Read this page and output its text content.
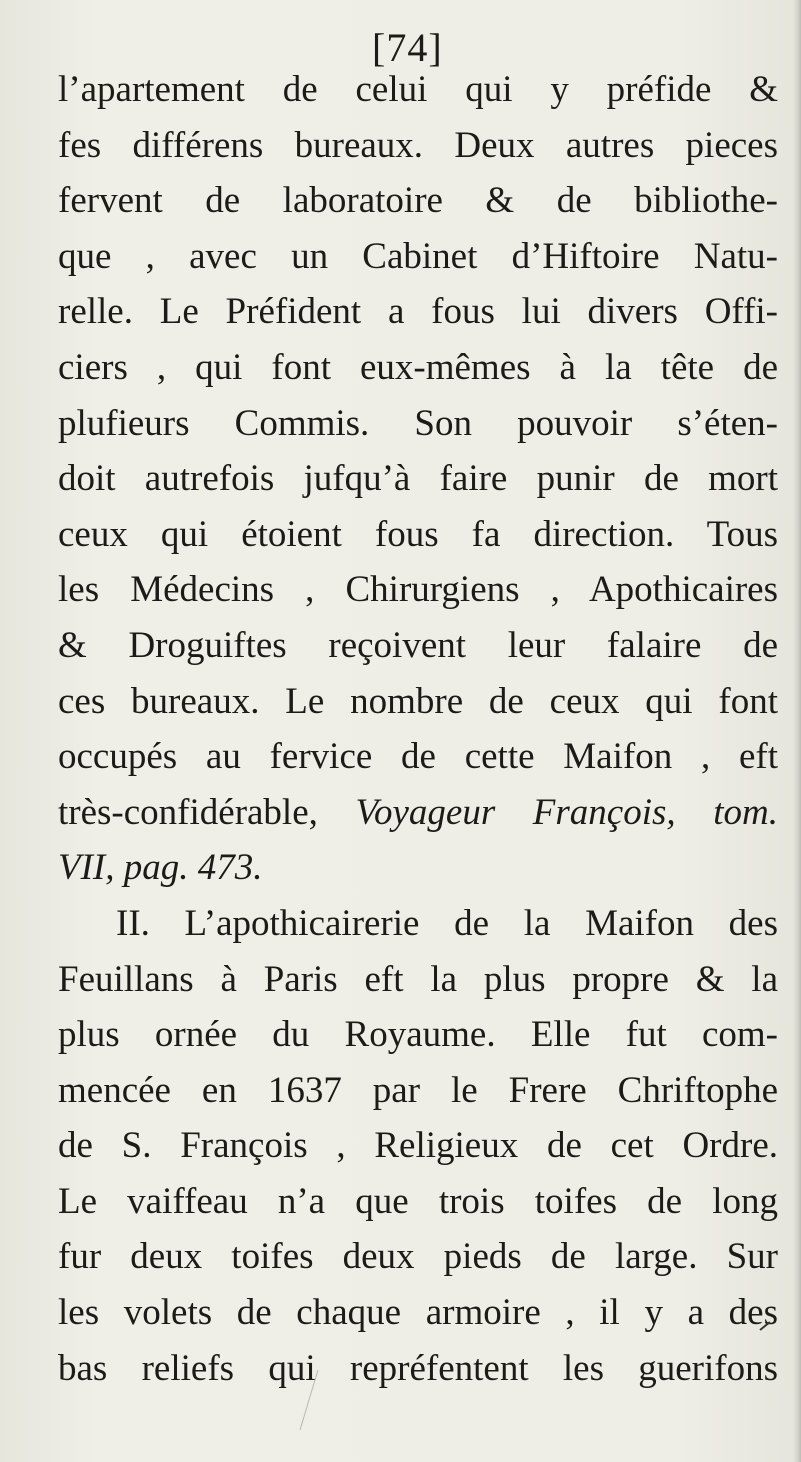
[74]
l’apartement de celui qui y préfide &
fes différens bureaux. Deux autres pieces
fervent de laboratoire & de bibliothe-
que , avec un Cabinet d’Hiftoire Natu-
relle. Le Préfident a fous lui divers Offi-
ciers , qui font eux-mêmes à la tête de
plufieurs Commis. Son pouvoir s’éten-
doit autrefois jufqu’à faire punir de mort
ceux qui étoient fous fa direction. Tous
les Médecins , Chirurgiens , Apothicaires
& Droguiftes reçoivent leur falaire de
ces bureaux. Le nombre de ceux qui font
occupés au fervice de cette Maifon , eft
très-confidérable, Voyageur François, tom.
VII, pag. 473.
II. L’apothicairerie de la Maifon des
Feuillans à Paris eft la plus propre & la
plus ornée du Royaume. Elle fut com-
mencée en 1637 par le Frere Chriftophe
de S. François , Religieux de cet Ordre.
Le vaiffeau n’a que trois toifes de long
fur deux toifes deux pieds de large. Sur
les volets de chaque armoire , il y a des
bas reliefs qui repréfentent les guerifons
